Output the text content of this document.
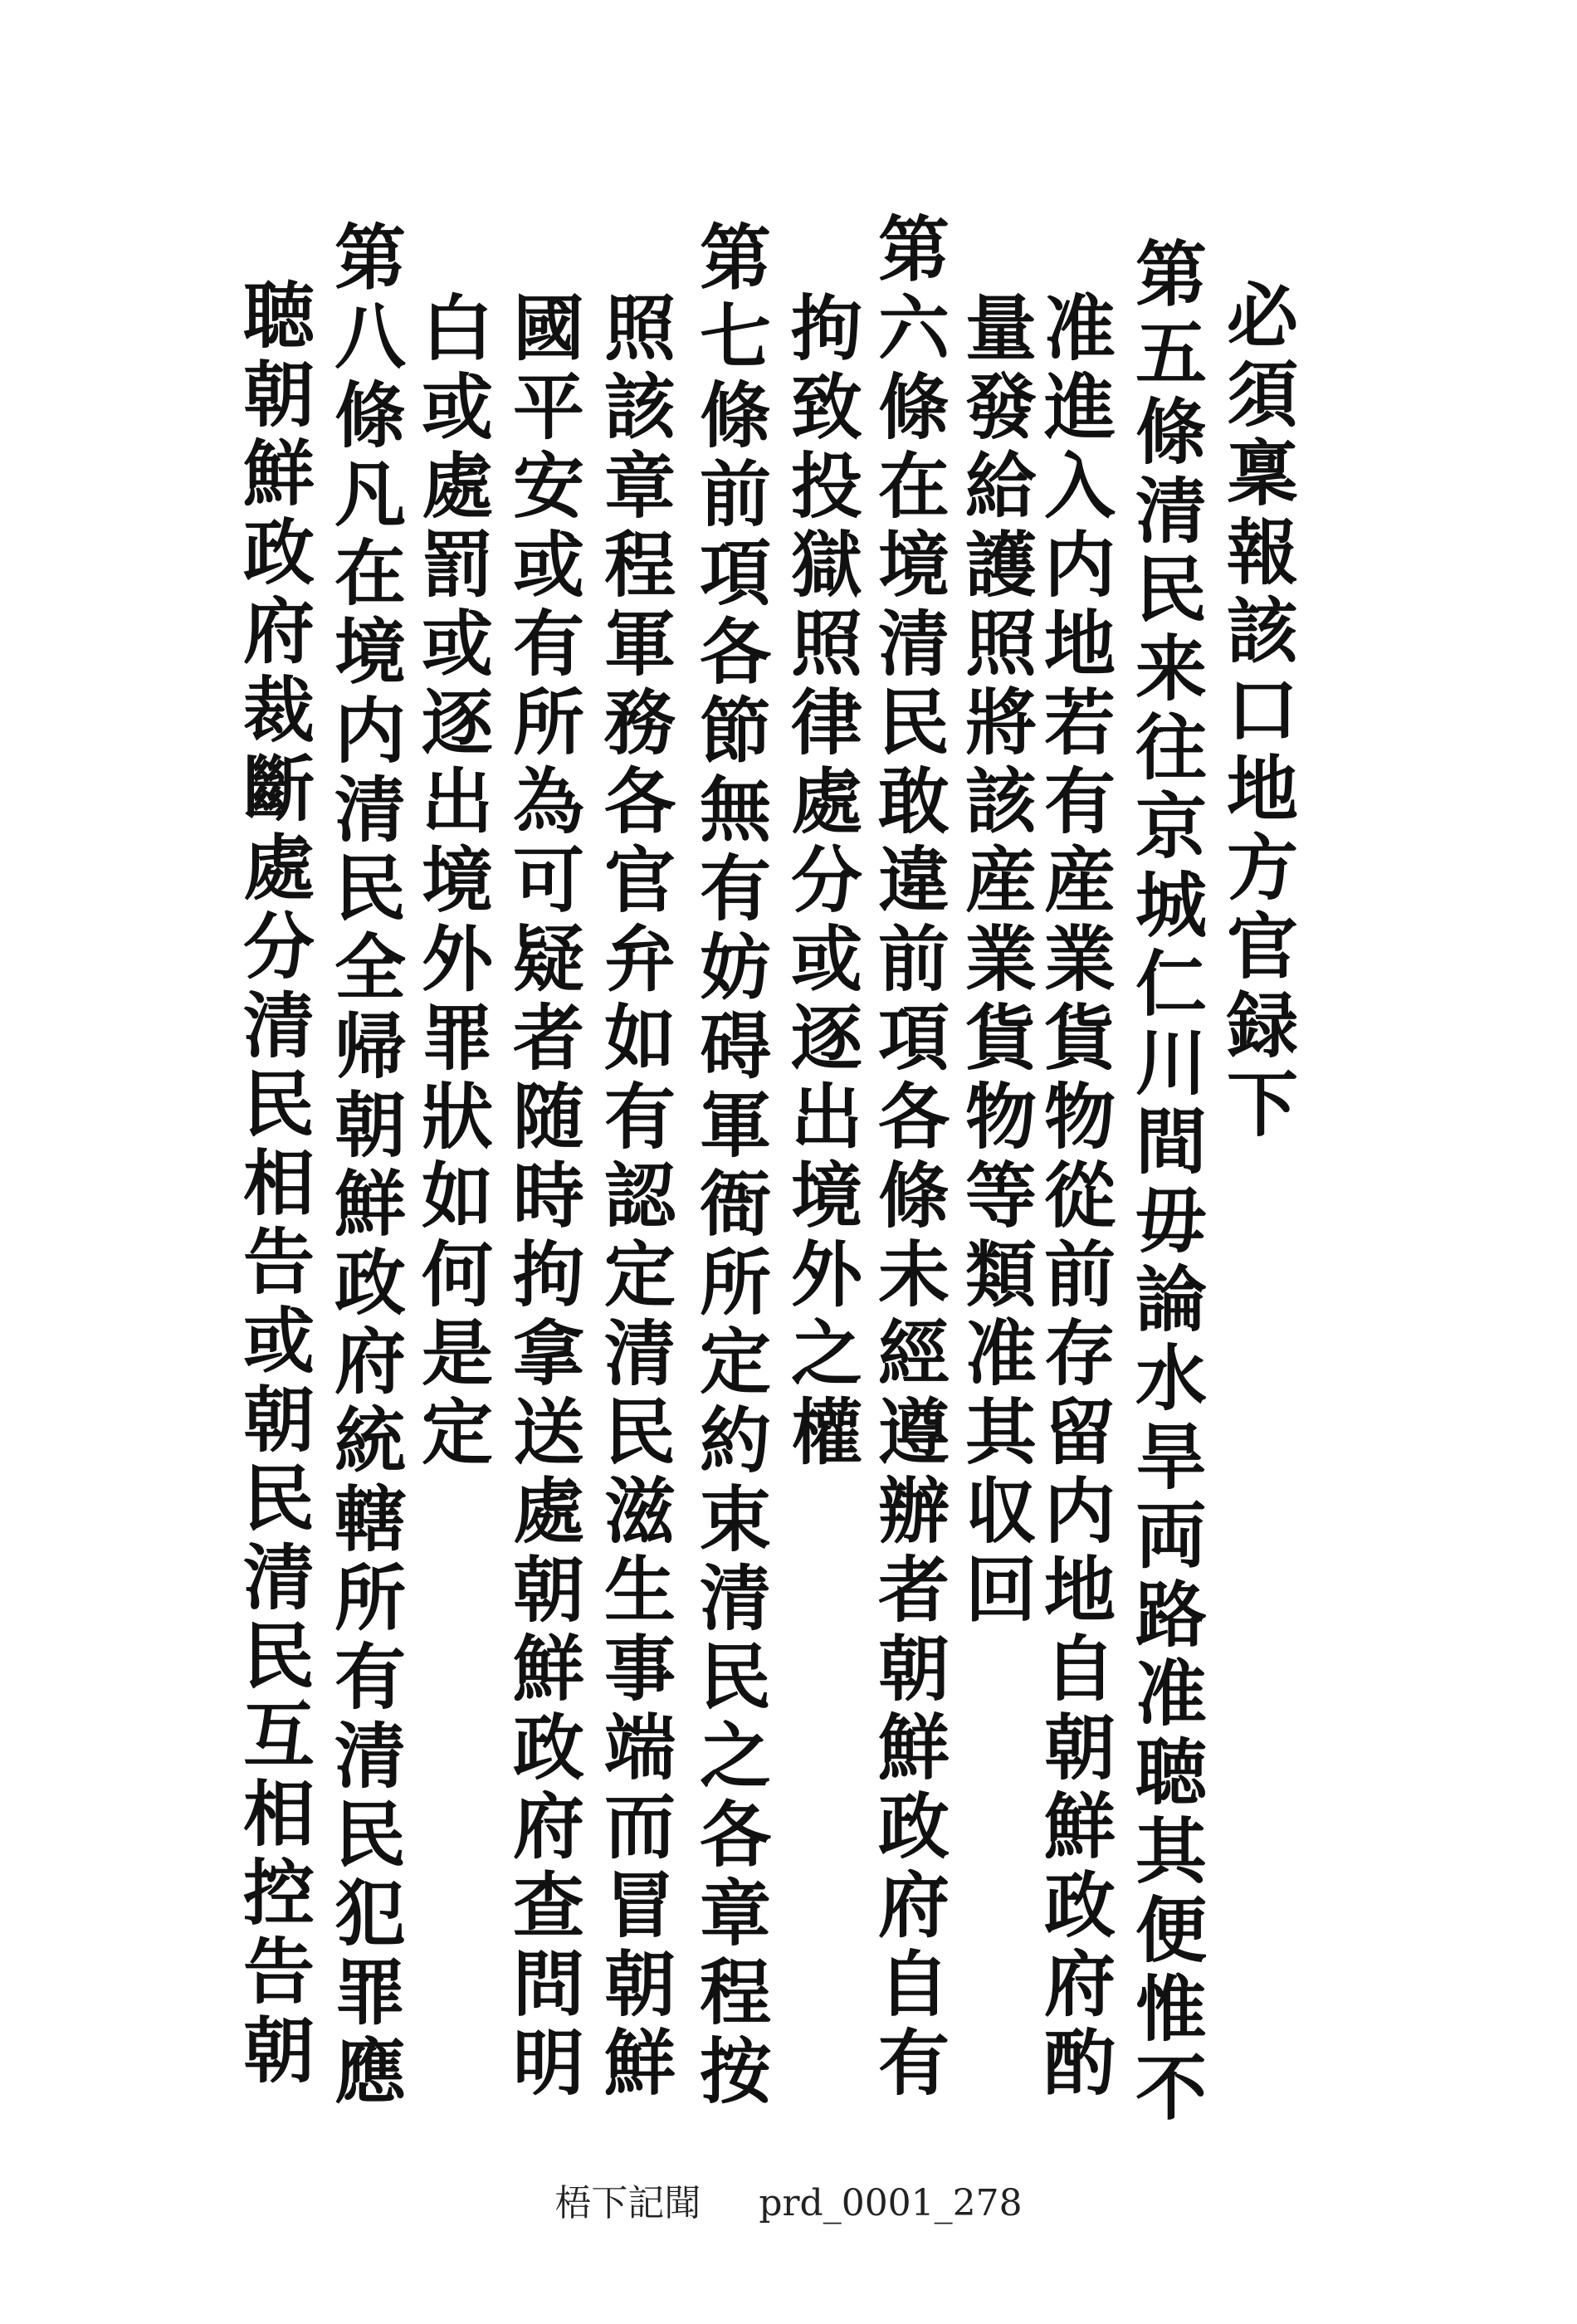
必須稟報該口地方官録下
第五條清民来往京城仁川間毋論水旱両路准聴其便惟不
准進入内地若有産業貨物從前存留内地自朝鮮政府酌
量發給護照將該産業貨物等類准其収回
第六條在境清民敢違前項各條未經遵辦者朝鮮政府自有
拘致投獄照律處分或逐出境外之權
第七條前項各節無有妨碍軍衙所定約束清民之各章程按
照該章程軍務各官弁如有認定清民滋生事端而冒朝鮮
國平安或有所為可疑者随時拘拿送處朝鮮政府查問明
白或處罰或逐出境外罪狀如何是定
第八條凡在境内清民全帰朝鮮政府統轄所有清民犯罪應
聴朝鮮政府裁斷處分清民相告或朝民清民互相控告朝
梧下記聞 prd_0001_278
